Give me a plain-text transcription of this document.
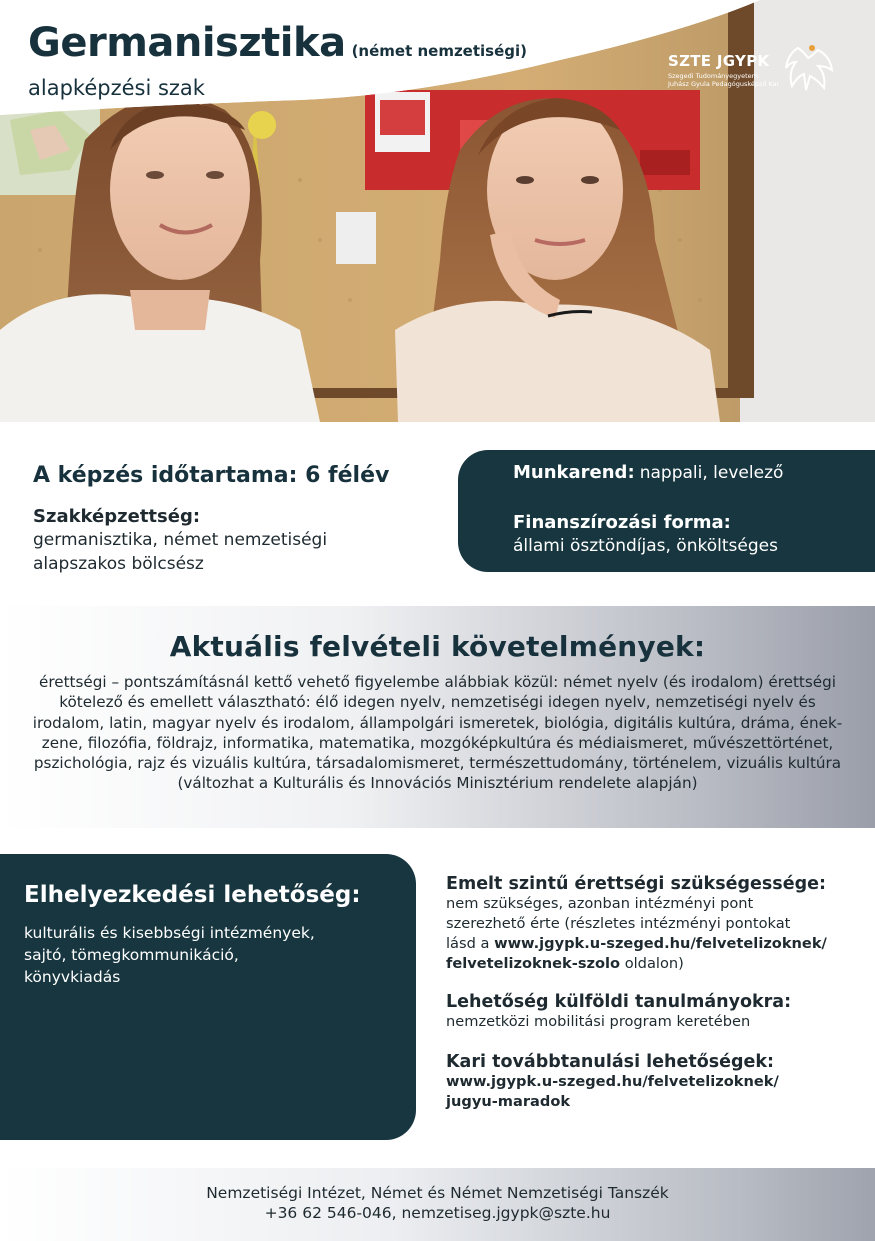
SZTE JGYPK
Szegedi Tudományegyetem
Juhász Gyula Pedagógusképző Kar
Germanisztika (német nemzetiségi)
alapképzési szak
A képzés időtartama: 6 félév
Szakképzettség:
germanisztika, német nemzetiségi alapszakos bölcsész
Munkarend: nappali, levelező
Finanszírozási forma:
állami ösztöndíjas, önköltséges
Aktuális felvételi követelmények:
érettségi – pontszámításnál kettő vehető figyelembe alábbiak közül: német nyelv (és irodalom) érettségi kötelező és emellett választható: élő idegen nyelv, nemzetiségi idegen nyelv, nemzetiségi nyelv és irodalom, latin, magyar nyelv és irodalom, állampolgári ismeretek, biológia, digitális kultúra, dráma, ének-zene, filozófia, földrajz, informatika, matematika, mozgóképkultúra és médiaismeret, művészettörténet, pszichológia, rajz és vizuális kultúra, társadalomismeret, természettudomány, történelem, vizuális kultúra (változhat a Kulturális és Innovációs Minisztérium rendelete alapján)
Elhelyezkedési lehetőség:
kulturális és kisebbségi intézmények,
sajtó, tömegkommunikáció,
könyvkiadás
Emelt szintű érettségi szükségessége:
nem szükséges, azonban intézményi pont
szerezhető érte (részletes intézményi pontokat
lásd a www.jgypk.u-szeged.hu/felvetelizoknek/
felvetelizoknek-szolo oldalon)
Lehetőség külföldi tanulmányokra:
nemzetközi mobilitási program keretében
Kari továbbtanulási lehetőségek:
www.jgypk.u-szeged.hu/felvetelizoknek/
jugyu-maradok
Nemzetiségi Intézet, Német és Német Nemzetiségi Tanszék
+36 62 546-046, nemzetiseg.jgypk@szte.hu
